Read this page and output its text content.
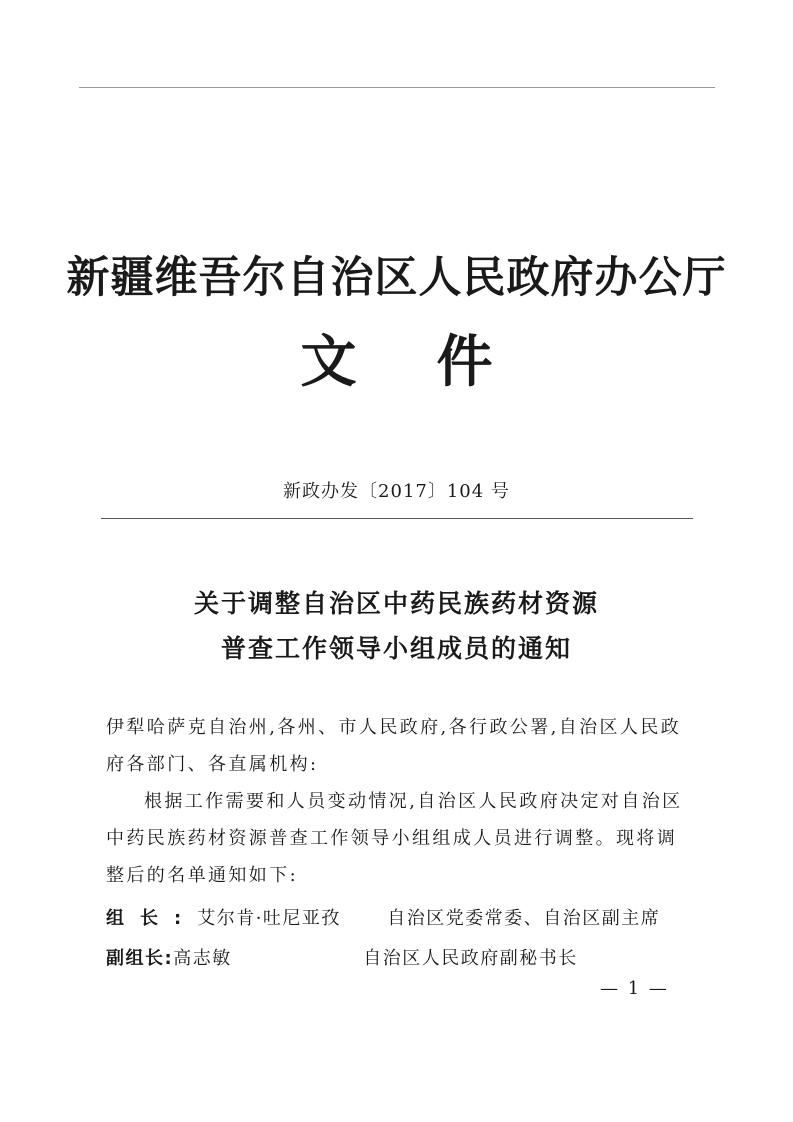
新疆维吾尔自治区人民政府办公厅
文 件
新政办发〔2017〕104 号
关于调整自治区中药民族药材资源
普查工作领导小组成员的通知
伊犁哈萨克自治州,各州、市人民政府,各行政公署,自治区人民政府各部门、各直属机构:
根据工作需要和人员变动情况,自治区人民政府决定对自治区中药民族药材资源普查工作领导小组组成人员进行调整。现将调整后的名单通知如下:
组长:艾尔肯·吐尼亚孜	自治区党委常委、自治区副主席
副组长:高志敏	自治区人民政府副秘书长
— 1 —
